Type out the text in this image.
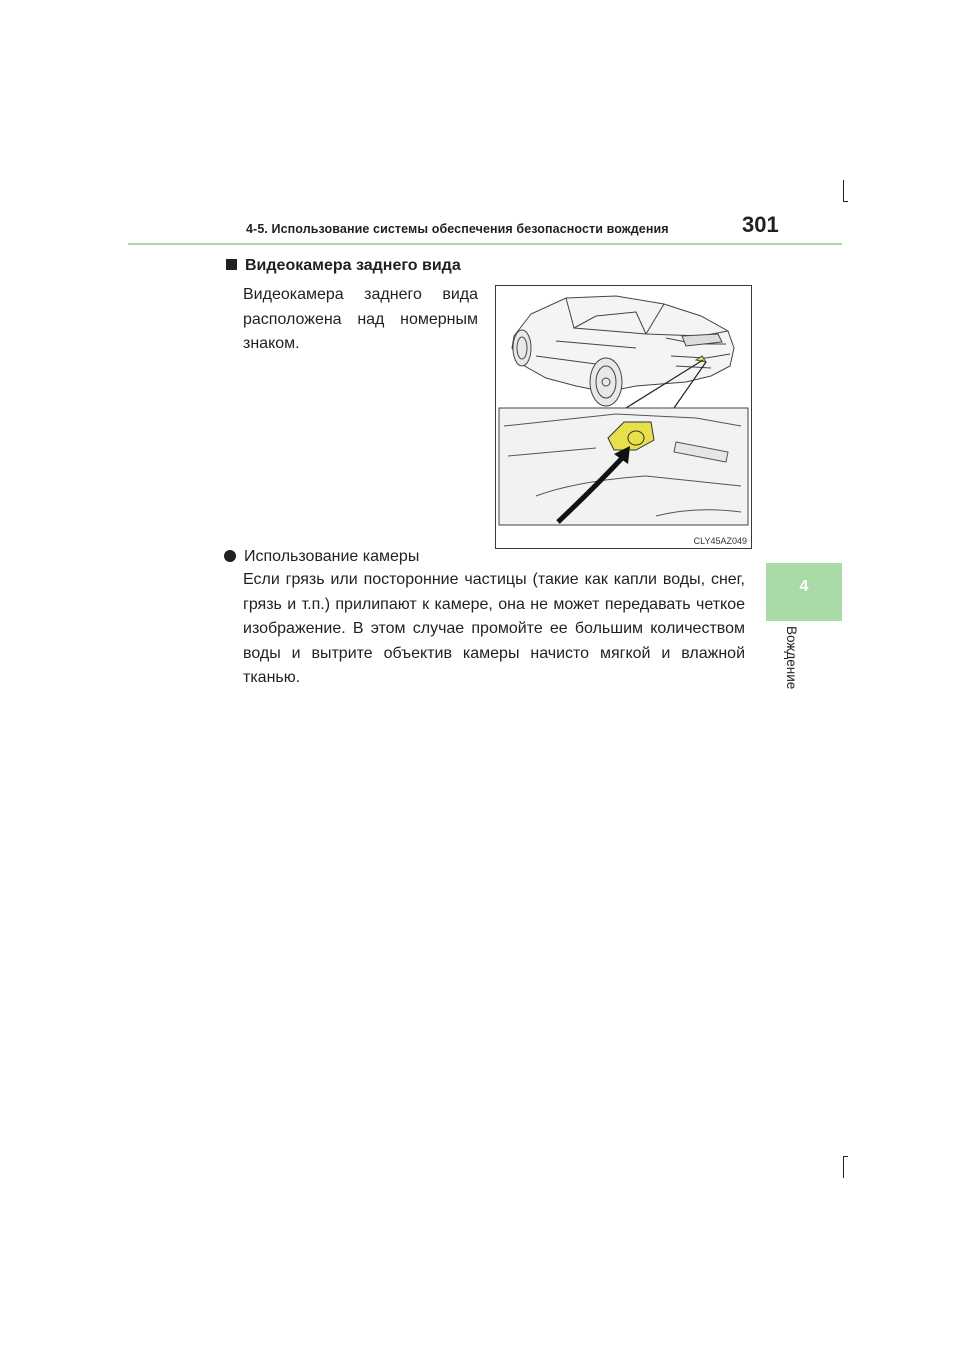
4-5. Использование системы обеспечения безопасности вождения	301
4
Вождение
Видеокамера заднего вида
Видеокамера заднего вида расположена над номерным знаком.
CLY45AZ049
Использование камеры
Если грязь или посторонние частицы (такие как капли воды, снег, грязь и т.п.) прилипают к камере, она не может передавать четкое изображение. В этом случае промойте ее большим количеством воды и вытрите объектив камеры начисто мягкой и влажной тканью.
